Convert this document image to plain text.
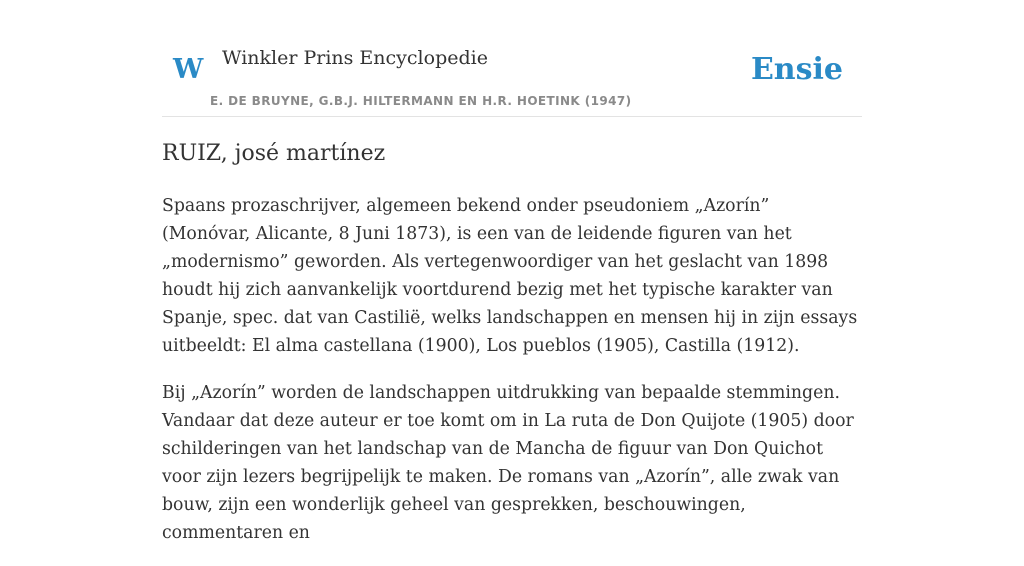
W Winkler Prins Encyclopedie
E. DE BRUYNE, G.B.J. HILTERMANN EN H.R. HOETINK (1947)
Ensie
RUIZ, josé martínez

Spaans prozaschrijver, algemeen bekend onder pseudoniem „Azorín” (Monóvar, Alicante, 8 Juni 1873), is een van de leidende figuren van het „modernismo” geworden. Als vertegenwoordiger van het geslacht van 1898 houdt hij zich aanvankelijk voortdurend bezig met het typische karakter van Spanje, spec. dat van Castilië, welks landschappen en mensen hij in zijn essays uitbeeldt: El alma castellana (1900), Los pueblos (1905), Castilla (1912).

Bij „Azorín” worden de landschappen uitdrukking van bepaalde stemmingen. Vandaar dat deze auteur er toe komt om in La ruta de Don Quijote (1905) door schilderingen van het landschap van de Mancha de figuur van Don Quichot voor zijn lezers begrijpelijk te maken. De romans van „Azorín”, alle zwak van bouw, zijn een wonderlijk geheel van gesprekken, beschouwingen, commentaren en
